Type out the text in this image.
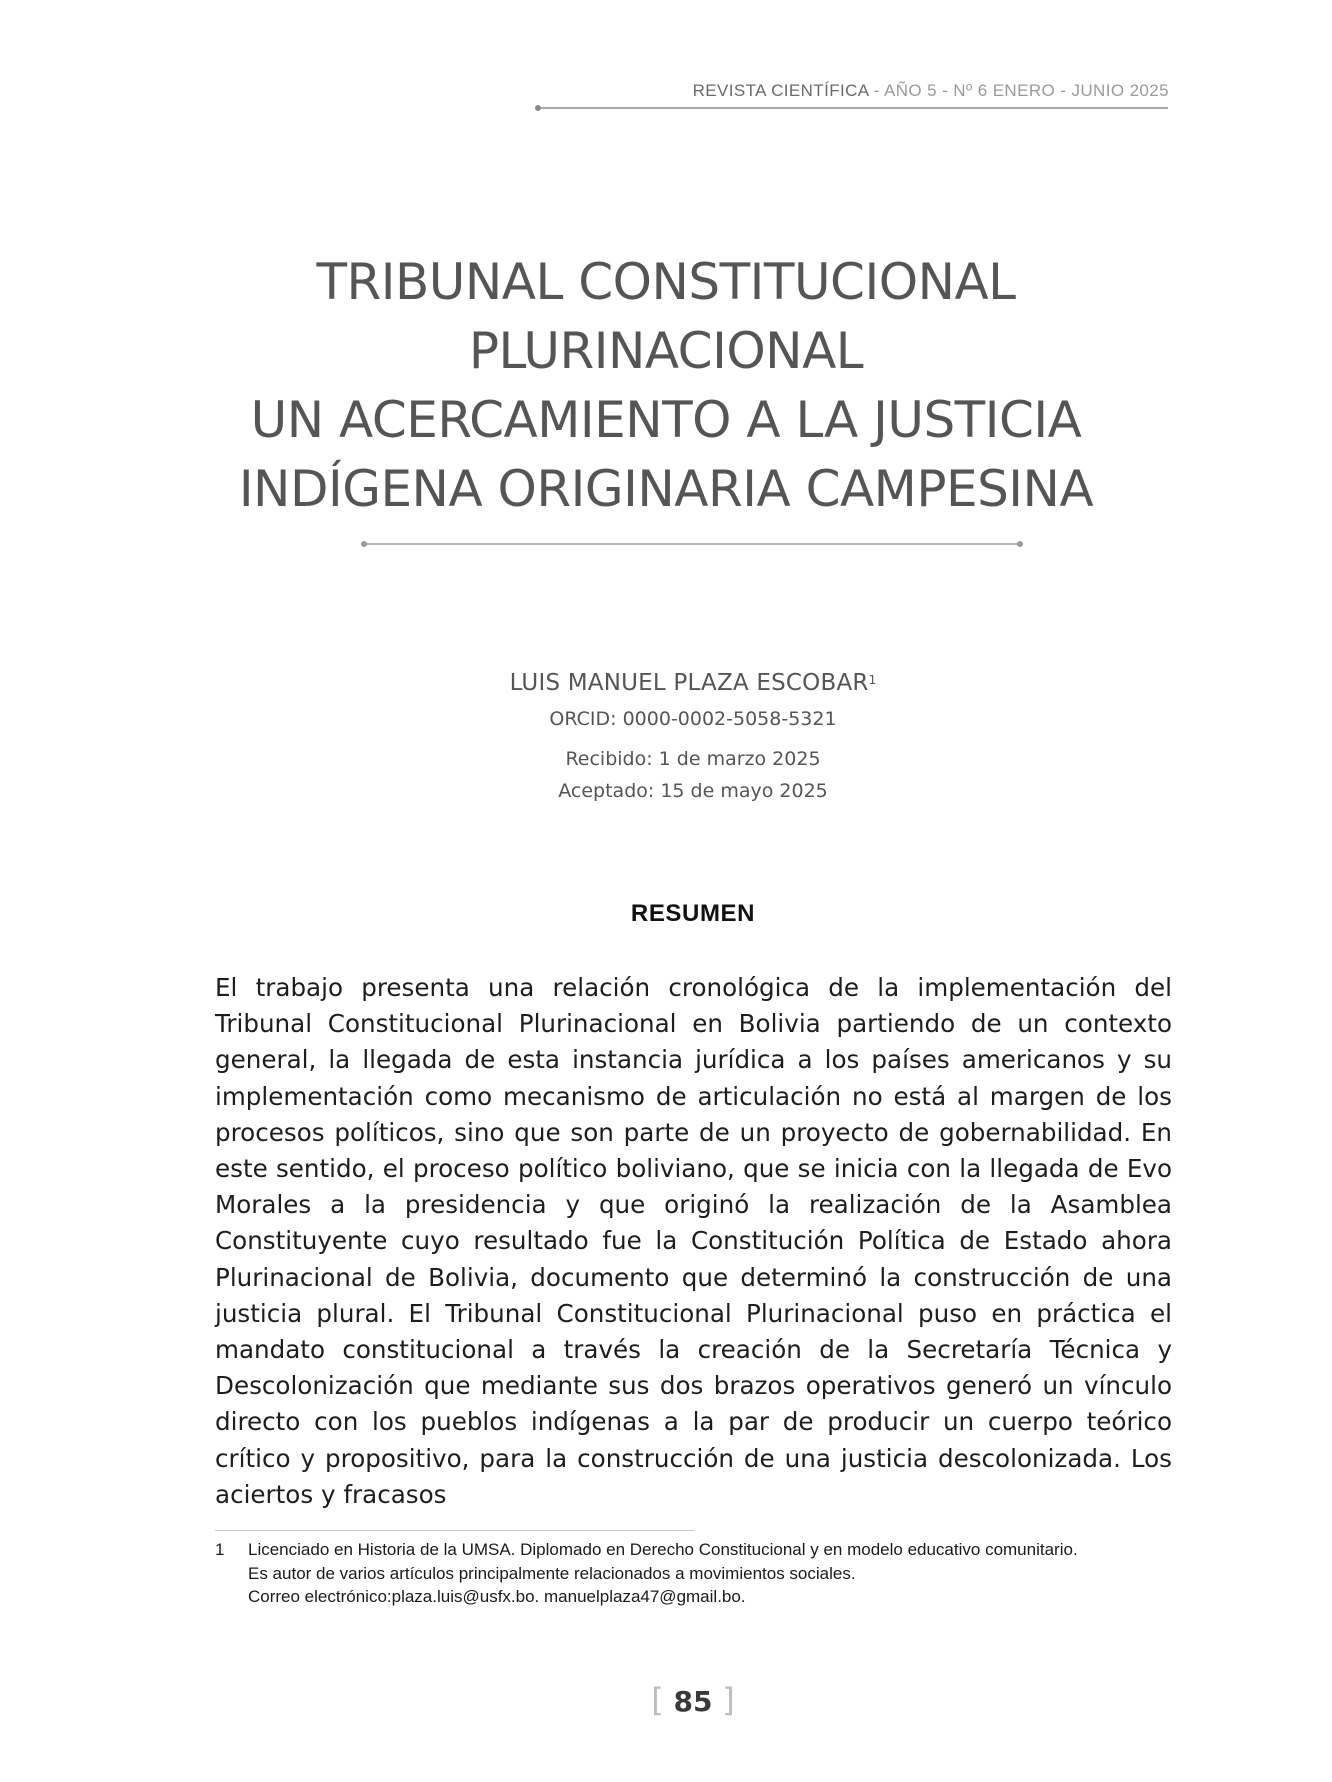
REVISTA CIENTÍFICA - AÑO 5 - Nº 6 ENERO - JUNIO 2025
TRIBUNAL CONSTITUCIONAL
PLURINACIONAL
UN ACERCAMIENTO A LA JUSTICIA
INDÍGENA ORIGINARIA CAMPESINA
LUIS MANUEL PLAZA ESCOBAR$^1$
ORCID: 0000-0002-5058-5321
Recibido: 1 de marzo 2025
Aceptado: 15 de mayo 2025
RESUMEN

El trabajo presenta una relación cronológica de la implementación del Tribunal Constitucional Plurinacional en Bolivia partiendo de un contexto general, la llegada de esta instancia jurídica a los países americanos y su implementación como mecanismo de articulación no está al margen de los procesos políticos, sino que son parte de un proyecto de gobernabilidad. En este sentido, el proceso político boliviano, que se inicia con la llegada de Evo Morales a la presidencia y que originó la realización de la Asamblea Constituyente cuyo resultado fue la Constitución Política de Estado ahora Plurinacional de Bolivia, documento que determinó la construcción de una justicia plural. El Tribunal Constitucional Plurinacional puso en práctica el mandato constitucional a través la creación de la Secretaría Técnica y Descolonización que mediante sus dos brazos operativos generó un vínculo directo con los pueblos indígenas a la par de producir un cuerpo teórico crítico y propositivo, para la construcción de una justicia descolonizada. Los aciertos y fracasos

1 Licenciado en Historia de la UMSA. Diplomado en Derecho Constitucional y en modelo educativo comunitario.
Es autor de varios artículos principalmente relacionados a movimientos sociales.
Correo electrónico:plaza.luis@usfx.bo. manuelplaza47@gmail.bo.
[ 85 ]
